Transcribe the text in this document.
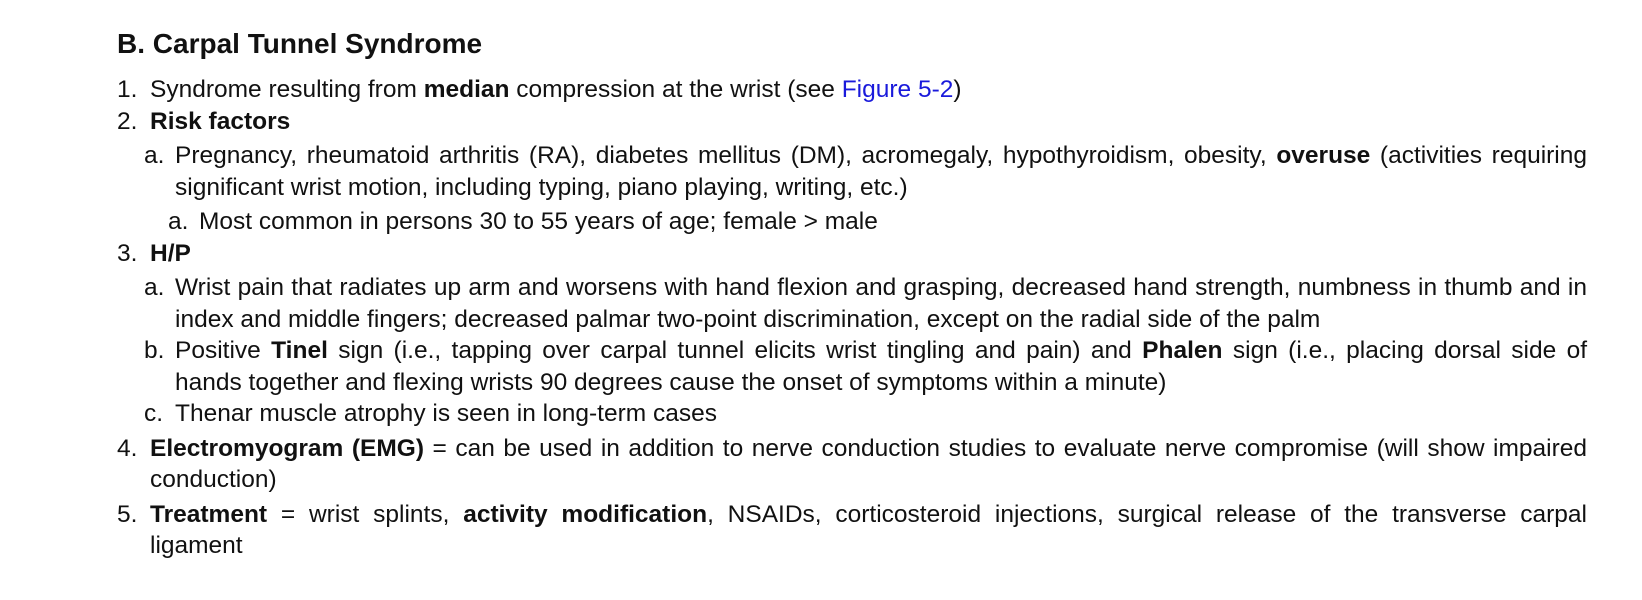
B. Carpal Tunnel Syndrome
1. Syndrome resulting from median compression at the wrist (see Figure 5-2)
2. Risk factors
a. Pregnancy, rheumatoid arthritis (RA), diabetes mellitus (DM), acromegaly, hypothyroidism, obesity, overuse (activities requiring significant wrist motion, including typing, piano playing, writing, etc.)
a. Most common in persons 30 to 55 years of age; female > male
3. H/P
a. Wrist pain that radiates up arm and worsens with hand flexion and grasping, decreased hand strength, numbness in thumb and in index and middle fingers; decreased palmar two-point discrimination, except on the radial side of the palm
b. Positive Tinel sign (i.e., tapping over carpal tunnel elicits wrist tingling and pain) and Phalen sign (i.e., placing dorsal side of hands together and flexing wrists 90 degrees cause the onset of symptoms within a minute)
c. Thenar muscle atrophy is seen in long-term cases
4. Electromyogram (EMG) = can be used in addition to nerve conduction studies to evaluate nerve compromise (will show impaired conduction)
5. Treatment = wrist splints, activity modification, NSAIDs, corticosteroid injections, surgical release of the transverse carpal ligament
